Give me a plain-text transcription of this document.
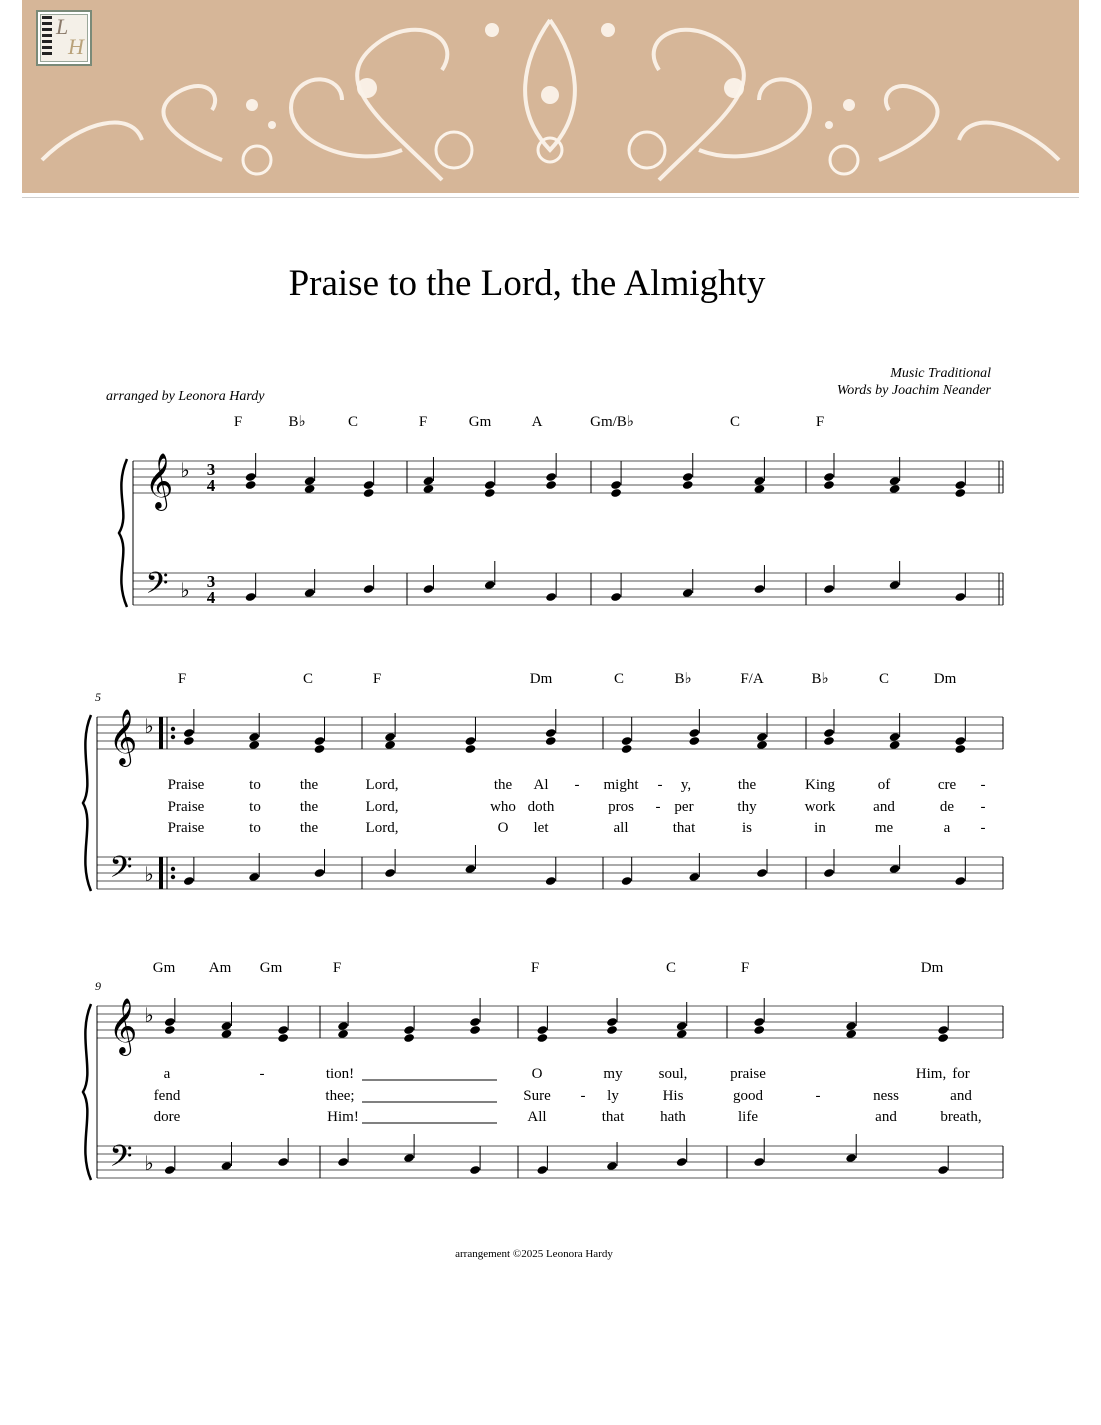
L
H
Praise to the Lord, the Almighty
arranged by Leonora Hardy
Music Traditional
Words by Joachim Neander
𝄞
𝄢
♭
♭
3
4
3
4
F	B♭	C	F	Gm	A	Gm/B♭	C	F
𝄞
𝄢
♭
♭
5
F	C	F	Dm	C	B♭	F/A	B♭	C	Dm
Praise	to	the	Lord,	the Al - might - y,	the	King	of	cre -
Praise	to	the	Lord,	who doth	pros - per	thy	work	and	de -
Praise	to	the	Lord,	O let	all	that	is	in	me	a -
𝄞
𝄢
♭
♭
9
Gm Am Gm	F	F	C	F	Dm
a	-	tion!	O	my soul,	praise	Him, for
fend	thee;	Sure - ly	His	good	-	ness	and
dore	Him!	All	that hath	life	and	breath,
arrangement ©2025 Leonora Hardy
